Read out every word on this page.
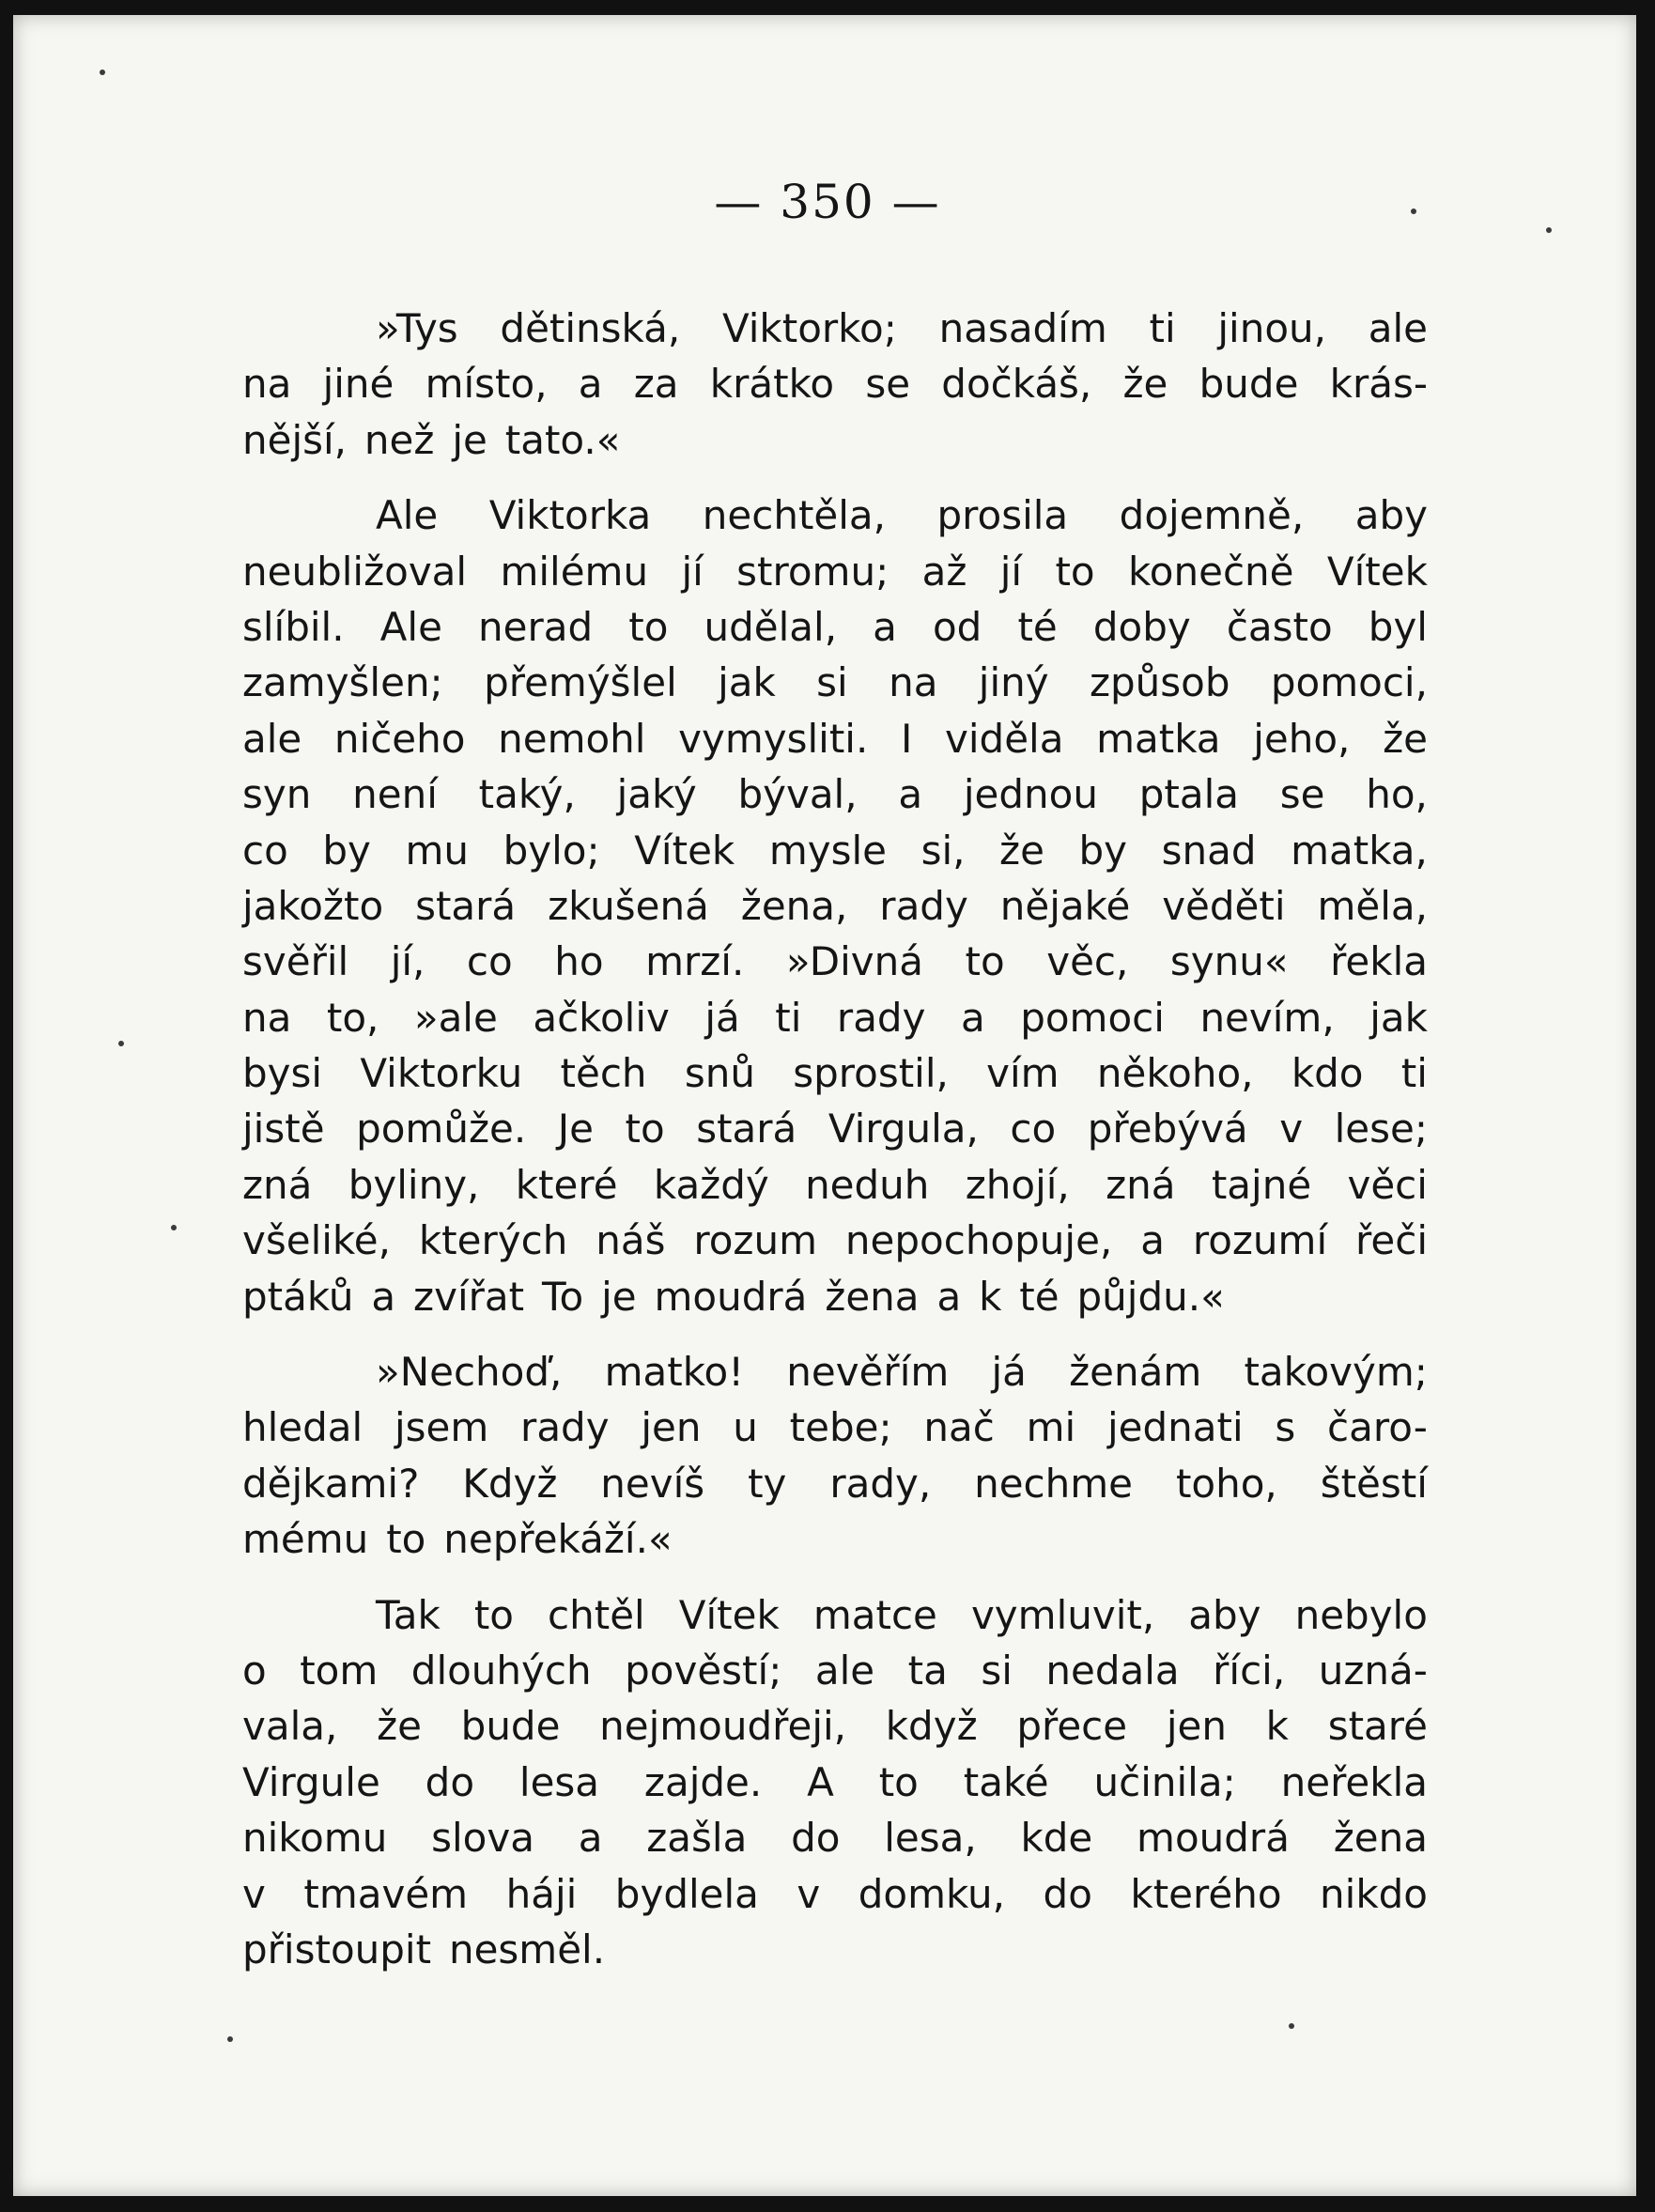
— 350 —
»Tys dětinská, Viktorko; nasadím ti jinou, ale
na jiné místo, a za krátko se dočkáš, že bude krás-
nější, než je tato.«
Ale Viktorka nechtěla, prosila dojemně, aby
neubližoval milému jí stromu; až jí to konečně Vítek
slíbil. Ale nerad to udělal, a od té doby často byl
zamyšlen; přemýšlel jak si na jiný způsob pomoci,
ale ničeho nemohl vymysliti. I viděla matka jeho, že
syn není taký, jaký býval, a jednou ptala se ho,
co by mu bylo; Vítek mysle si, že by snad matka,
jakožto stará zkušená žena, rady nějaké věděti měla,
svěřil jí, co ho mrzí. »Divná to věc, synu« řekla
na to, »ale ačkoliv já ti rady a pomoci nevím, jak
bysi Viktorku těch snů sprostil, vím někoho, kdo ti
jistě pomůže. Je to stará Virgula, co přebývá v lese;
zná byliny, které každý neduh zhojí, zná tajné věci
všeliké, kterých náš rozum nepochopuje, a rozumí řeči
ptáků a zvířat To je moudrá žena a k té půjdu.«
»Nechoď, matko! nevěřím já ženám takovým;
hledal jsem rady jen u tebe; nač mi jednati s čaro-
dějkami? Když nevíš ty rady, nechme toho, štěstí
mému to nepřekáží.«
Tak to chtěl Vítek matce vymluvit, aby nebylo
o tom dlouhých pověstí; ale ta si nedala říci, uzná-
vala, že bude nejmoudřeji, když přece jen k staré
Virgule do lesa zajde. A to také učinila; neřekla
nikomu slova a zašla do lesa, kde moudrá žena
v tmavém háji bydlela v domku, do kterého nikdo
přistoupit nesměl.
